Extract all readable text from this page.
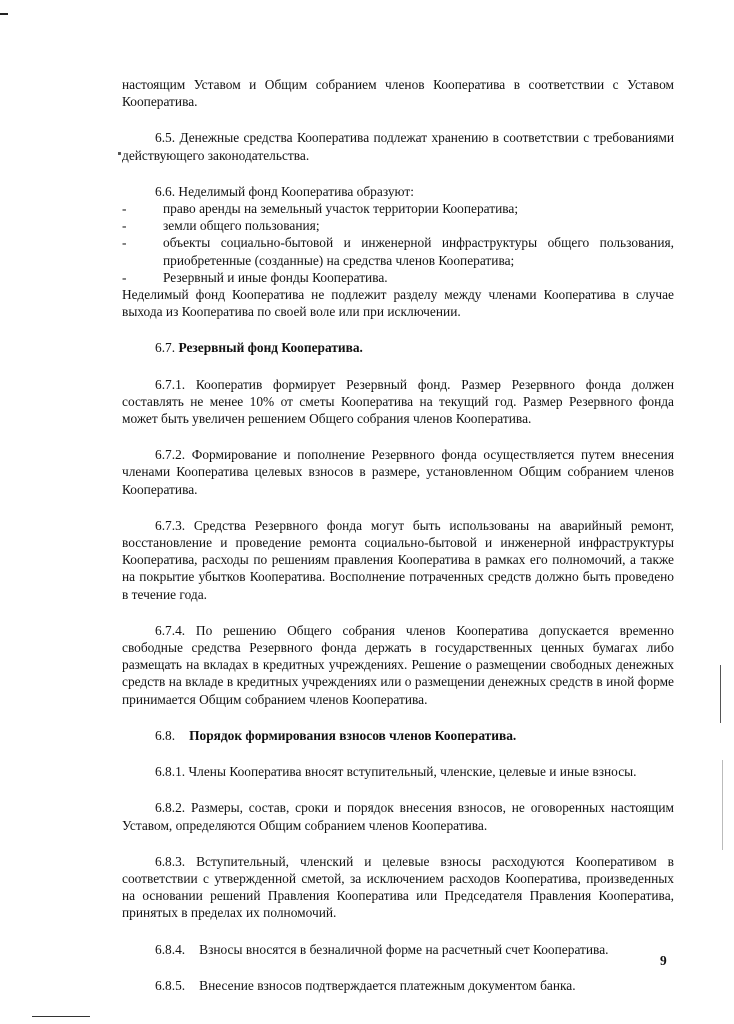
настоящим Уставом и Общим собранием членов Кооператива в соответствии с Уставом Кооператива.

6.5. Денежные средства Кооператива подлежат хранению в соответствии с требованиями действующего законодательства.

6.6. Неделимый фонд Кооператива образуют:

-	право аренды на земельный участок территории Кооператива;
-	земли общего пользования;
-	объекты социально-бытовой и инженерной инфраструктуры общего пользования, приобретенные (созданные) на средства членов Кооператива;
-	Резервный и иные фонды Кооператива.

Неделимый фонд Кооператива не подлежит разделу между членами Кооператива в случае выхода из Кооператива по своей воле или при исключении.

6.7. Резервный фонд Кооператива.

6.7.1. Кооператив формирует Резервный фонд. Размер Резервного фонда должен составлять не менее 10% от сметы Кооператива на текущий год. Размер Резервного фонда может быть увеличен решением Общего собрания членов Кооператива.

6.7.2. Формирование и пополнение Резервного фонда осуществляется путем внесения членами Кооператива целевых взносов в размере, установленном Общим собранием членов Кооператива.

6.7.3. Средства Резервного фонда могут быть использованы на аварийный ремонт, восстановление и проведение ремонта социально-бытовой и инженерной инфраструктуры Кооператива, расходы по решениям правления Кооператива в рамках его полномочий, а также на покрытие убытков Кооператива. Восполнение потраченных средств должно быть проведено в течение года.

6.7.4. По решению Общего собрания членов Кооператива допускается временно свободные средства Резервного фонда держать в государственных ценных бумагах либо размещать на вкладах в кредитных учреждениях. Решение о размещении свободных денежных средств на вкладе в кредитных учреждениях или о размещении денежных средств в иной форме принимается Общим собранием членов Кооператива.

6.8. Порядок формирования взносов членов Кооператива.

6.8.1. Члены Кооператива вносят вступительный, членские, целевые и иные взносы.

6.8.2. Размеры, состав, сроки и порядок внесения взносов, не оговоренных настоящим Уставом, определяются Общим собранием членов Кооператива.

6.8.3. Вступительный, членский и целевые взносы расходуются Кооперативом в соответствии с утвержденной сметой, за исключением расходов Кооператива, произведенных на основании решений Правления Кооператива или Председателя Правления Кооператива, принятых в пределах их полномочий.

6.8.4. Взносы вносятся в безналичной форме на расчетный счет Кооператива.

6.8.5. Внесение взносов подтверждается платежным документом банка.

9
